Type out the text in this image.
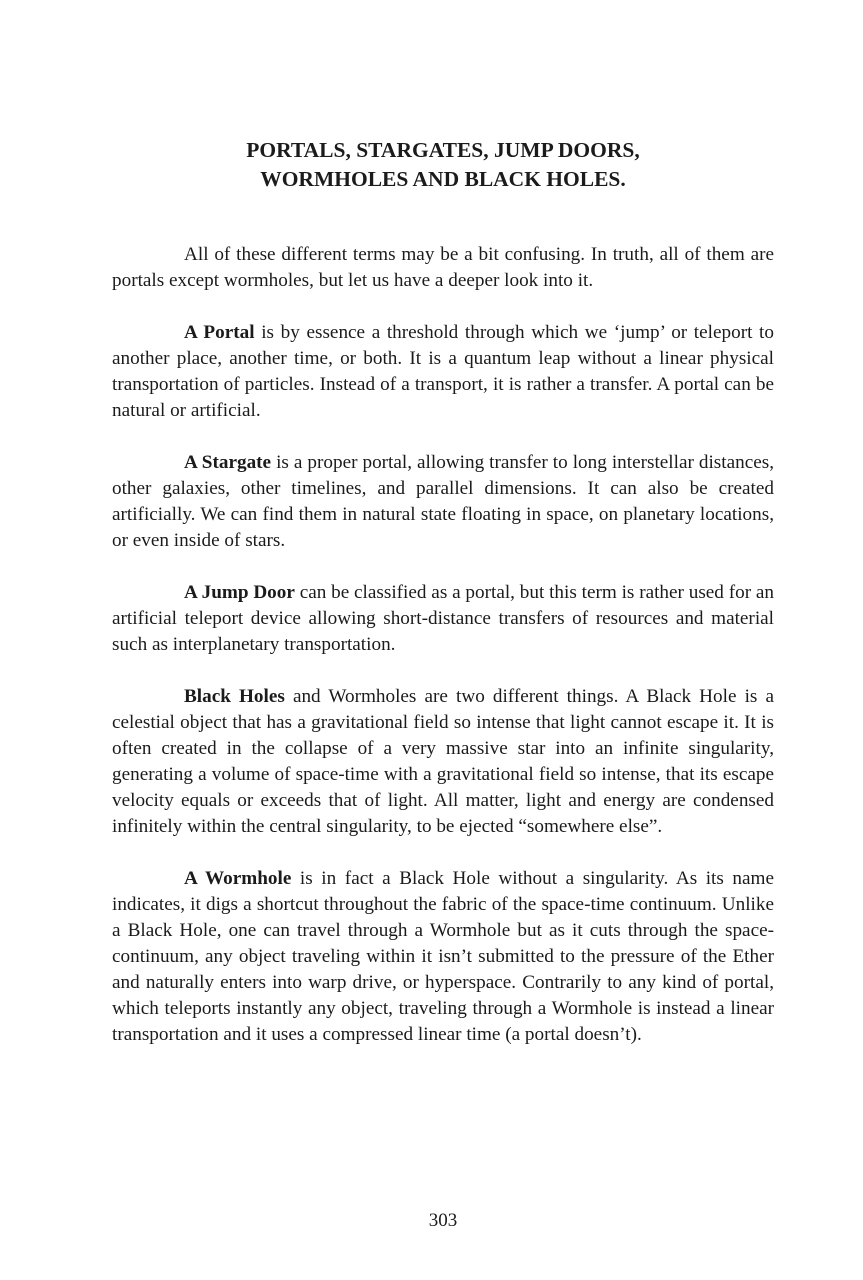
PORTALS, STARGATES, JUMP DOORS,
WORMHOLES AND BLACK HOLES.

All of these different terms may be a bit confusing. In truth, all of them are portals except wormholes, but let us have a deeper look into it.

A Portal is by essence a threshold through which we ‘jump’ or teleport to another place, another time, or both. It is a quantum leap without a linear physical transportation of particles. Instead of a transport, it is rather a transfer. A portal can be natural or artificial.

A Stargate is a proper portal, allowing transfer to long interstellar distances, other galaxies, other timelines, and parallel dimensions. It can also be created artificially. We can find them in natural state floating in space, on planetary locations, or even inside of stars.

A Jump Door can be classified as a portal, but this term is rather used for an artificial teleport device allowing short-distance transfers of resources and material such as interplanetary transportation.

Black Holes and Wormholes are two different things. A Black Hole is a celestial object that has a gravitational field so intense that light cannot escape it. It is often created in the collapse of a very massive star into an infinite singularity, generating a volume of space-time with a gravitational field so intense, that its escape velocity equals or exceeds that of light. All matter, light and energy are condensed infinitely within the central singularity, to be ejected “somewhere else”.

A Wormhole is in fact a Black Hole without a singularity. As its name indicates, it digs a shortcut throughout the fabric of the space-time continuum. Unlike a Black Hole, one can travel through a Wormhole but as it cuts through the space-continuum, any object traveling within it isn’t submitted to the pressure of the Ether and naturally enters into warp drive, or hyperspace. Contrarily to any kind of portal, which teleports instantly any object, traveling through a Wormhole is instead a linear transportation and it uses a compressed linear time (a portal doesn’t).

303
